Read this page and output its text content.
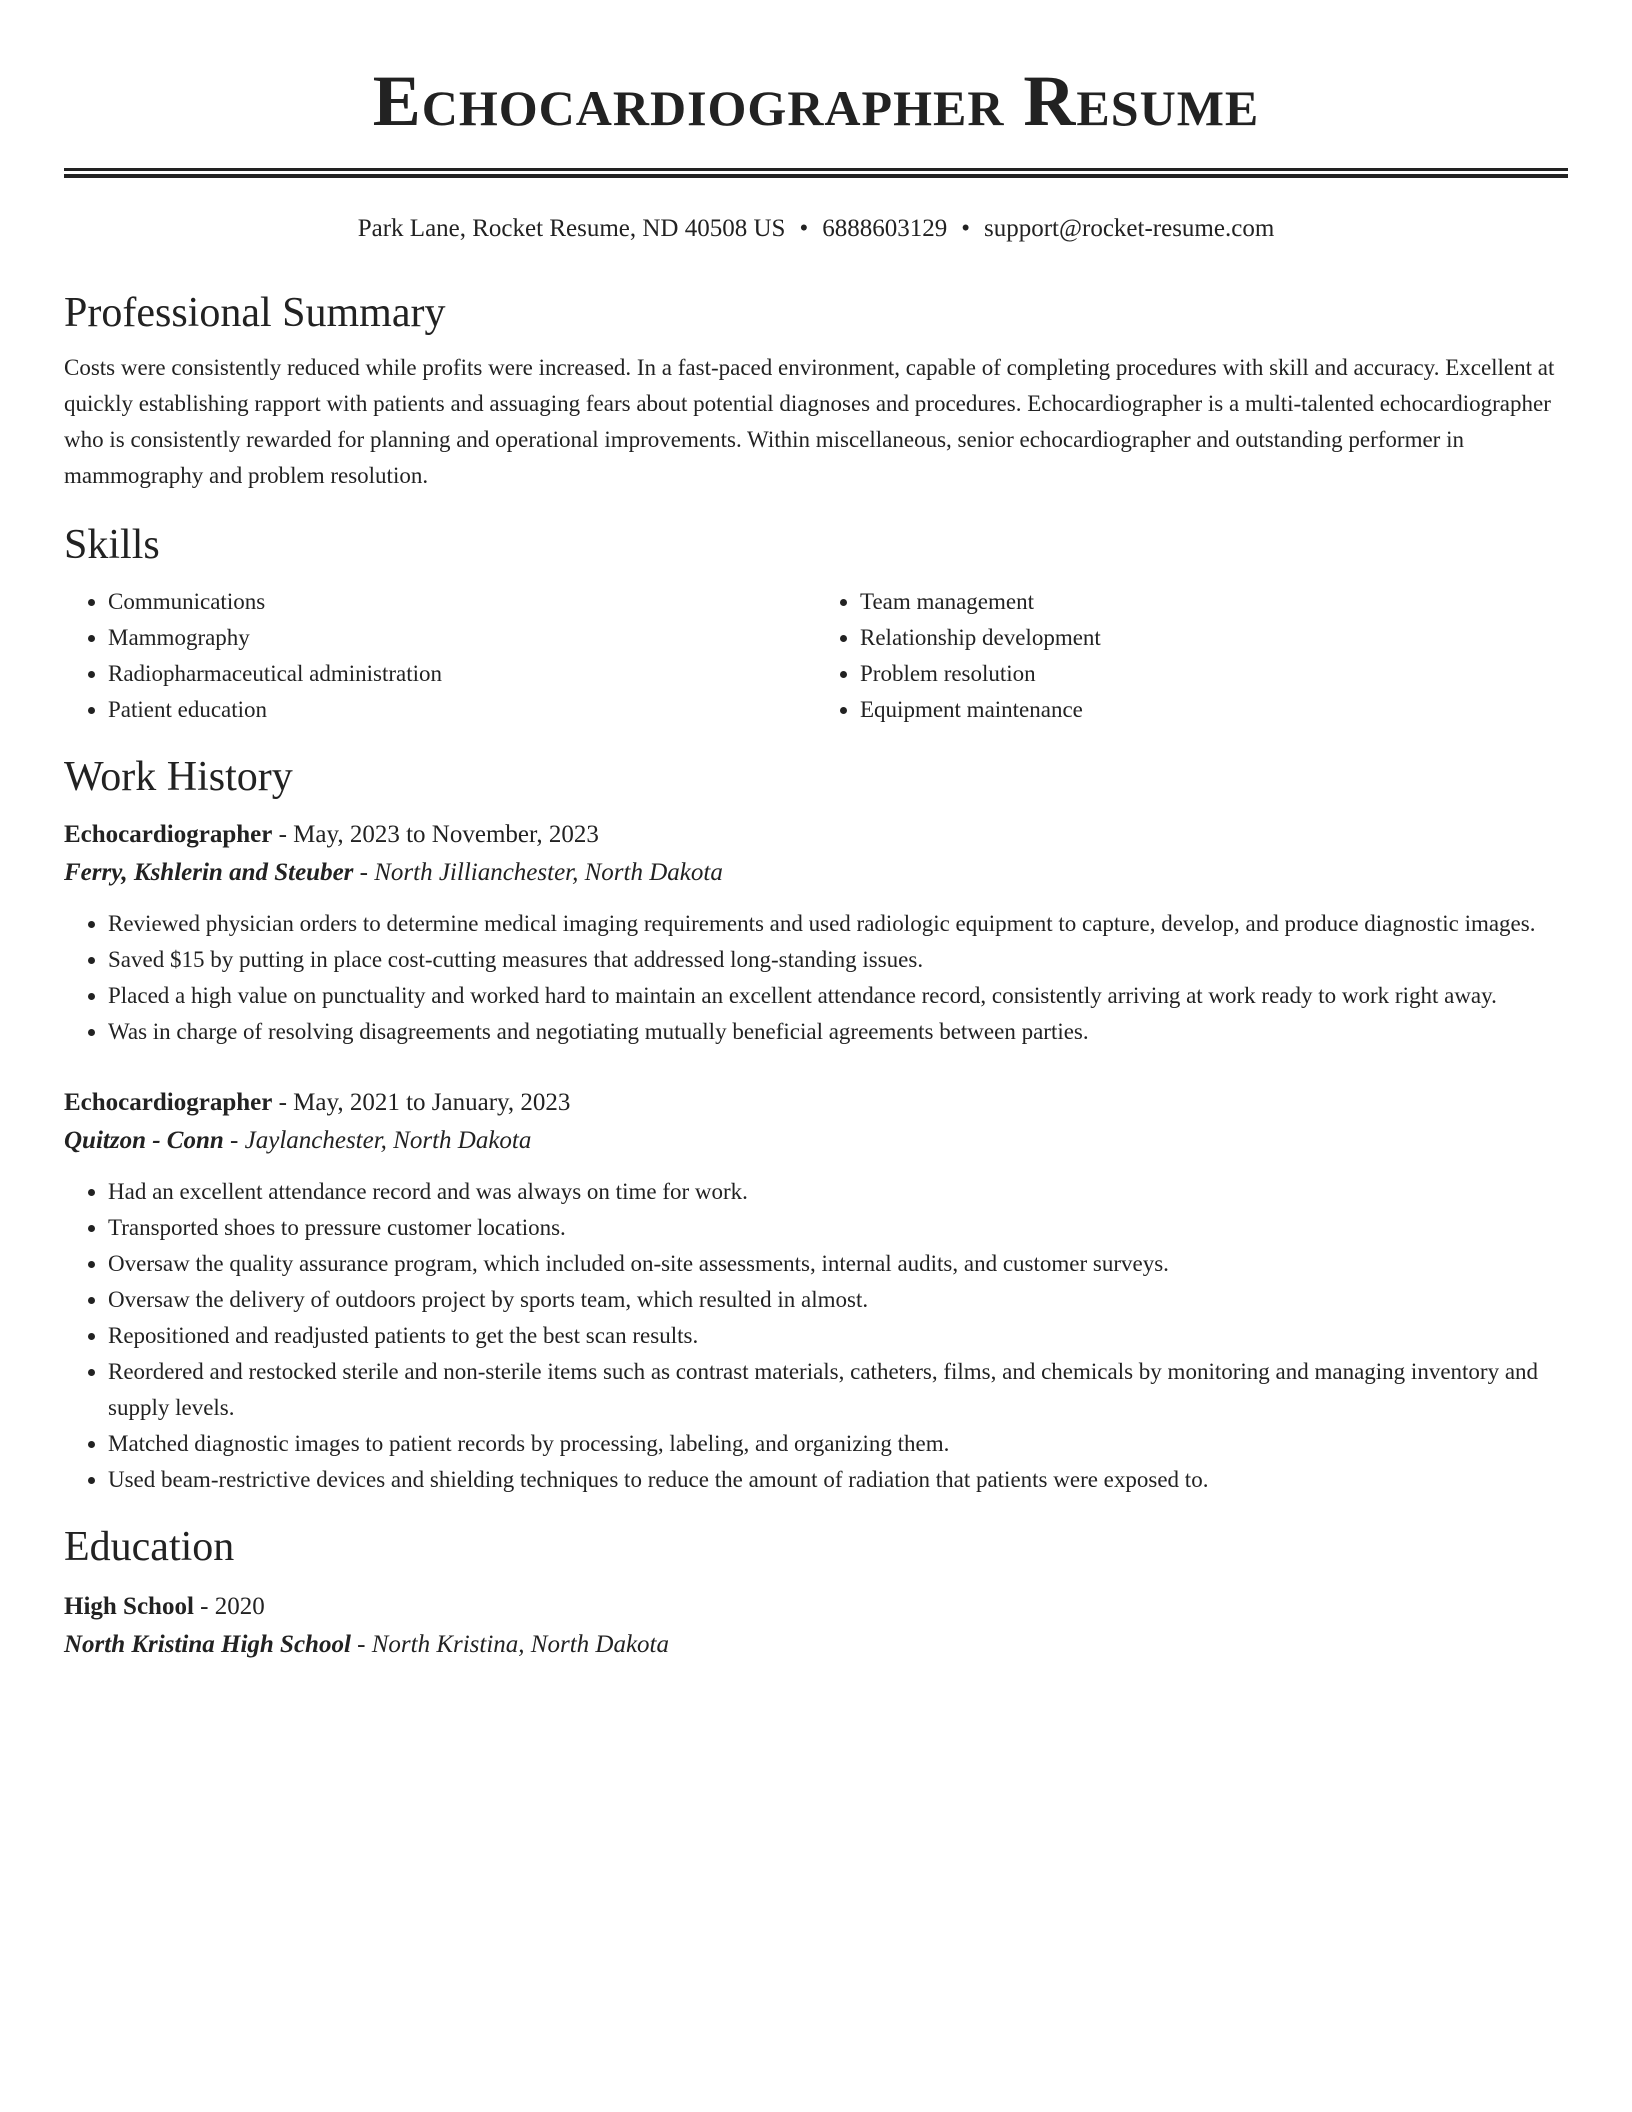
Echocardiographer Resume
Park Lane, Rocket Resume, ND 40508 US • 6888603129 • support@rocket-resume.com
Professional Summary

Costs were consistently reduced while profits were increased. In a fast-paced environment, capable of completing procedures with skill and accuracy. Excellent at quickly establishing rapport with patients and assuaging fears about potential diagnoses and procedures. Echocardiographer is a multi-talented echocardiographer who is consistently rewarded for planning and operational improvements. Within miscellaneous, senior echocardiographer and outstanding performer in mammography and problem resolution.

Skills
• Communications
• Mammography
• Radiopharmaceutical administration
• Patient education
• Team management
• Relationship development
• Problem resolution
• Equipment maintenance
Work History
Echocardiographer - May, 2023 to November, 2023
Ferry, Kshlerin and Steuber - North Jillianchester, North Dakota
• Reviewed physician orders to determine medical imaging requirements and used radiologic equipment to capture, develop, and produce diagnostic images.
• Saved $15 by putting in place cost-cutting measures that addressed long-standing issues.
• Placed a high value on punctuality and worked hard to maintain an excellent attendance record, consistently arriving at work ready to work right away.
• Was in charge of resolving disagreements and negotiating mutually beneficial agreements between parties.
Echocardiographer - May, 2021 to January, 2023
Quitzon - Conn - Jaylanchester, North Dakota
• Had an excellent attendance record and was always on time for work.
• Transported shoes to pressure customer locations.
• Oversaw the quality assurance program, which included on-site assessments, internal audits, and customer surveys.
• Oversaw the delivery of outdoors project by sports team, which resulted in almost.
• Repositioned and readjusted patients to get the best scan results.
• Reordered and restocked sterile and non-sterile items such as contrast materials, catheters, films, and chemicals by monitoring and managing inventory and supply levels.
• Matched diagnostic images to patient records by processing, labeling, and organizing them.
• Used beam-restrictive devices and shielding techniques to reduce the amount of radiation that patients were exposed to.
Education
High School - 2020
North Kristina High School - North Kristina, North Dakota
